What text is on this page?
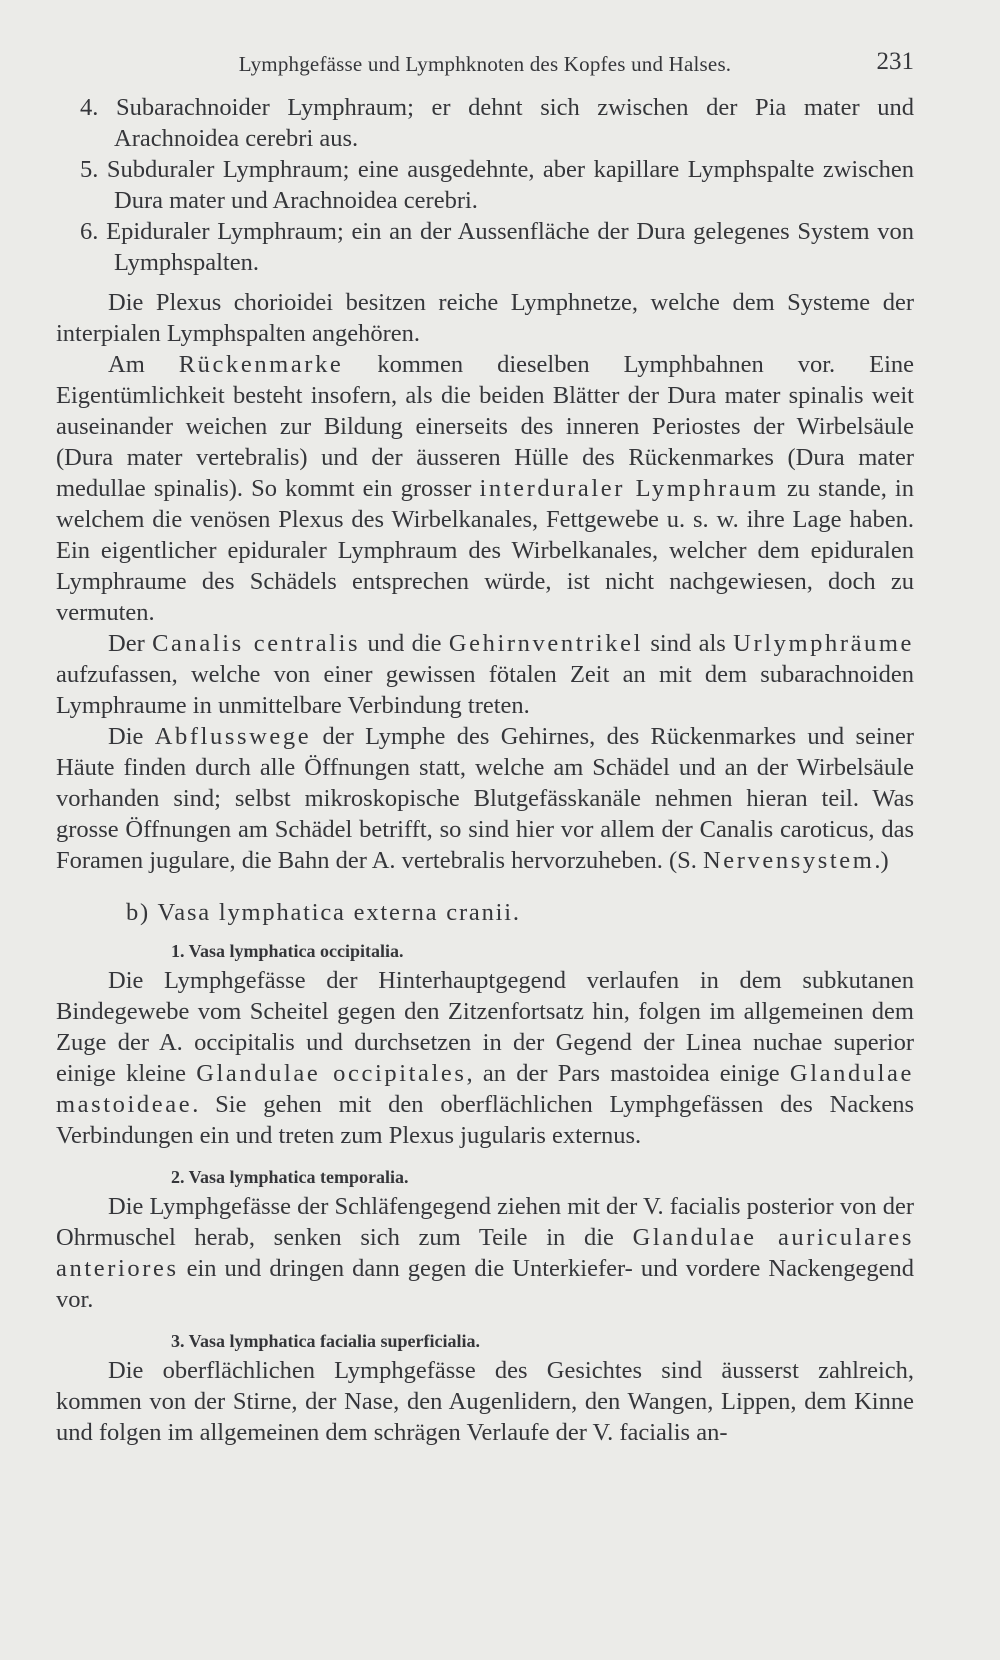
Lymphgefässe und Lymphknoten des Kopfes und Halses.	231

4. Subarachnoider Lymphraum; er dehnt sich zwischen der Pia mater und Arachnoidea cerebri aus.

5. Subduraler Lymphraum; eine ausgedehnte, aber kapillare Lymphspalte zwischen Dura mater und Arachnoidea cerebri.

6. Epiduraler Lymphraum; ein an der Aussenfläche der Dura gelegenes System von Lymphspalten.

Die Plexus chorioidei besitzen reiche Lymphnetze, welche dem Systeme der interpialen Lymphspalten angehören.

Am Rückenmarke kommen dieselben Lymphbahnen vor. Eine Eigentümlichkeit besteht insofern, als die beiden Blätter der Dura mater spinalis weit auseinander weichen zur Bildung einerseits des inneren Periostes der Wirbelsäule (Dura mater vertebralis) und der äusseren Hülle des Rückenmarkes (Dura mater medullae spinalis). So kommt ein grosser interduraler Lymphraum zu stande, in welchem die venösen Plexus des Wirbelkanales, Fettgewebe u. s. w. ihre Lage haben. Ein eigentlicher epiduraler Lymphraum des Wirbelkanales, welcher dem epiduralen Lymphraume des Schädels entsprechen würde, ist nicht nachgewiesen, doch zu vermuten.

Der Canalis centralis und die Gehirnventrikel sind als Urlymphräume aufzufassen, welche von einer gewissen fötalen Zeit an mit dem subarachnoiden Lymphraume in unmittelbare Verbindung treten.

Die Abflusswege der Lymphe des Gehirnes, des Rückenmarkes und seiner Häute finden durch alle Öffnungen statt, welche am Schädel und an der Wirbelsäule vorhanden sind; selbst mikroskopische Blutgefässkanäle nehmen hieran teil. Was grosse Öffnungen am Schädel betrifft, so sind hier vor allem der Canalis caroticus, das Foramen jugulare, die Bahn der A. vertebralis hervorzuheben. (S. Nervensystem.)

b) Vasa lymphatica externa cranii.

1. Vasa lymphatica occipitalia.

Die Lymphgefässe der Hinterhauptgegend verlaufen in dem subkutanen Bindegewebe vom Scheitel gegen den Zitzenfortsatz hin, folgen im allgemeinen dem Zuge der A. occipitalis und durchsetzen in der Gegend der Linea nuchae superior einige kleine Glandulae occipitales, an der Pars mastoidea einige Glandulae mastoideae. Sie gehen mit den oberflächlichen Lymphgefässen des Nackens Verbindungen ein und treten zum Plexus jugularis externus.

2. Vasa lymphatica temporalia.

Die Lymphgefässe der Schläfengegend ziehen mit der V. facialis posterior von der Ohrmuschel herab, senken sich zum Teile in die Glandulae auriculares anteriores ein und dringen dann gegen die Unterkiefer- und vordere Nackengegend vor.

3. Vasa lymphatica facialia superficialia.

Die oberflächlichen Lymphgefässe des Gesichtes sind äusserst zahlreich, kommen von der Stirne, der Nase, den Augenlidern, den Wangen, Lippen, dem Kinne und folgen im allgemeinen dem schrägen Verlaufe der V. facialis an-
